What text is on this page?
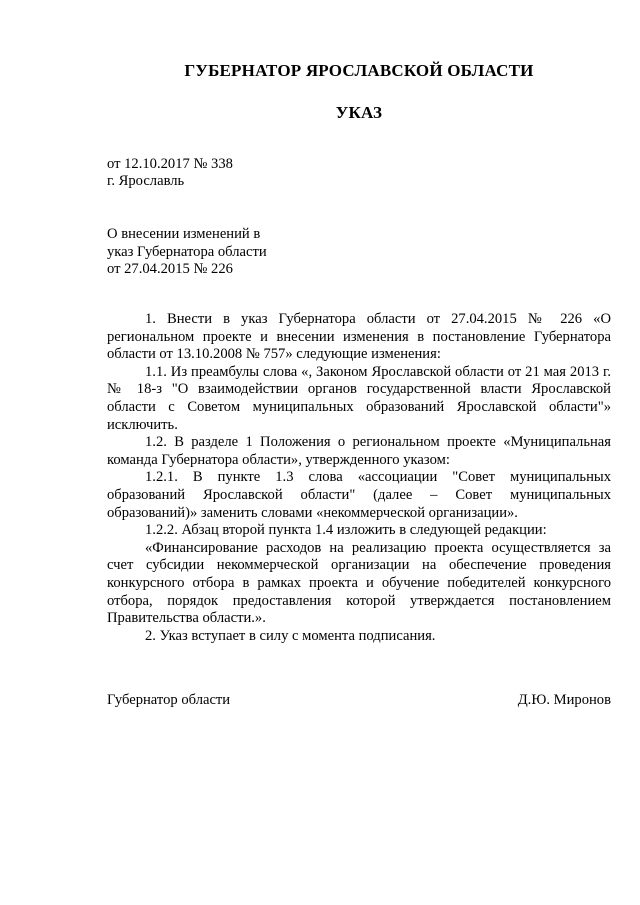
ГУБЕРНАТОР ЯРОСЛАВСКОЙ ОБЛАСТИ
УКАЗ
от 12.10.2017 № 338
г. Ярославль
О внесении изменений в
указ Губернатора области
от 27.04.2015 № 226

1. Внести в указ Губернатора области от 27.04.2015 № 226 «О региональном проекте и внесении изменения в постановление Губернатора области от 13.10.2008 № 757» следующие изменения:

1.1. Из преамбулы слова «, Законом Ярославской области от 21 мая 2013 г. № 18-з "О взаимодействии органов государственной власти Ярославской области с Советом муниципальных образований Ярославской области"» исключить.

1.2. В разделе 1 Положения о региональном проекте «Муниципальная команда Губернатора области», утвержденного указом:

1.2.1. В пункте 1.3 слова «ассоциации "Совет муниципальных образований Ярославской области" (далее – Совет муниципальных образований)» заменить словами «некоммерческой организации».

1.2.2. Абзац второй пункта 1.4 изложить в следующей редакции:

«Финансирование расходов на реализацию проекта осуществляется за счет субсидии некоммерческой организации на обеспечение проведения конкурсного отбора в рамках проекта и обучение победителей конкурсного отбора, порядок предоставления которой утверждается постановлением Правительства области.».

2. Указ вступает в силу с момента подписания.

Губернатор области	Д.Ю. Миронов
